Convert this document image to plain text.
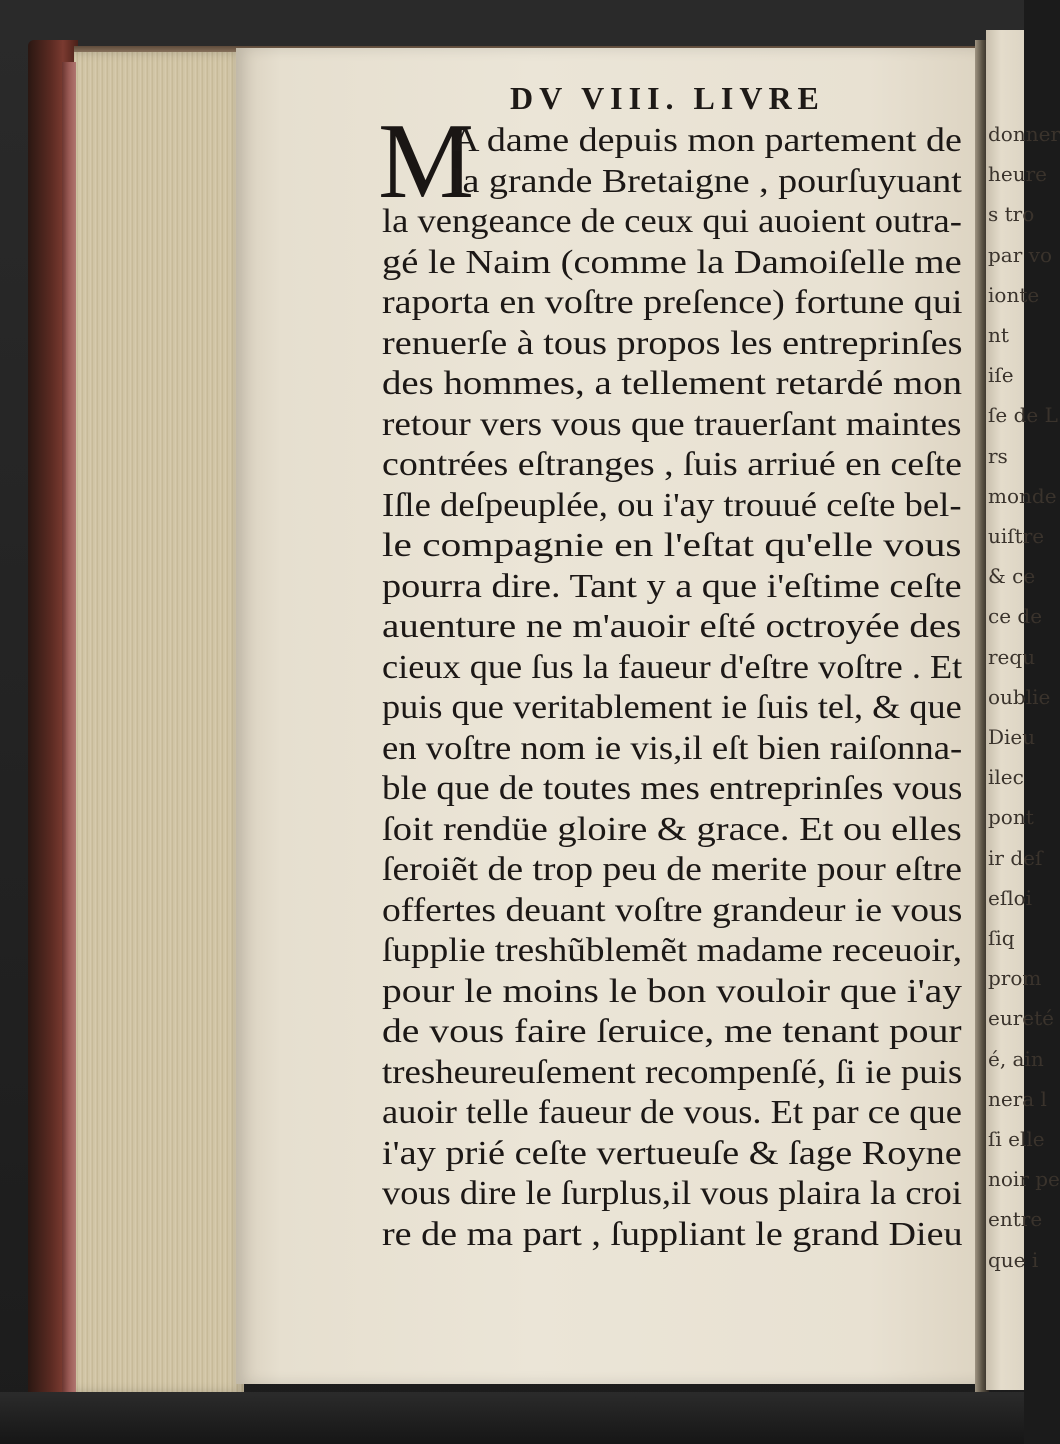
donner
heure
s tro
par vo
ionte
nt
iſe
ſe de L
rs
monde
uiſtre
& ce
ce de
requ
oublie
Dieu
ilec
pont
ir deſ
eſloi
ſiq
prom
eureté
é, ain
nera l
ſi elle
noir pe
entre
que i
DV VIII. LIVRE
M
A dame depuis mon partement de
la grande Bretaigne , pourſuyuant
la vengeance de ceux qui auoient outra-
gé le Naim (comme la Damoiſelle me
raporta en voſtre preſence) fortune qui
renuerſe à tous propos les entreprinſes
des hommes, a tellement retardé mon
retour vers vous que trauerſant maintes
contrées eſtranges , ſuis arriué en ceſte
Iſle deſpeuplée, ou i'ay trouué ceſte bel-
le compagnie en l'eſtat qu'elle vous
pourra dire. Tant y a que i'eſtime ceſte
auenture ne m'auoir eſté octroyée des
cieux que ſus la faueur d'eſtre voſtre . Et
puis que veritablement ie ſuis tel, & que
en voſtre nom ie vis,il eſt bien raiſonna-
ble que de toutes mes entreprinſes vous
ſoit rendüe gloire & grace. Et ou elles
ſeroiẽt de trop peu de merite pour eſtre
offertes deuant voſtre grandeur ie vous
ſupplie treshũblemẽt madame receuoir,
pour le moins le bon vouloir que i'ay
de vous faire ſeruice, me tenant pour
tresheureuſement recompenſé, ſi ie puis
auoir telle faueur de vous. Et par ce que
i'ay prié ceſte vertueuſe & ſage Royne
vous dire le ſurplus,il vous plaira la croi
re de ma part , ſuppliant le grand Dieu
